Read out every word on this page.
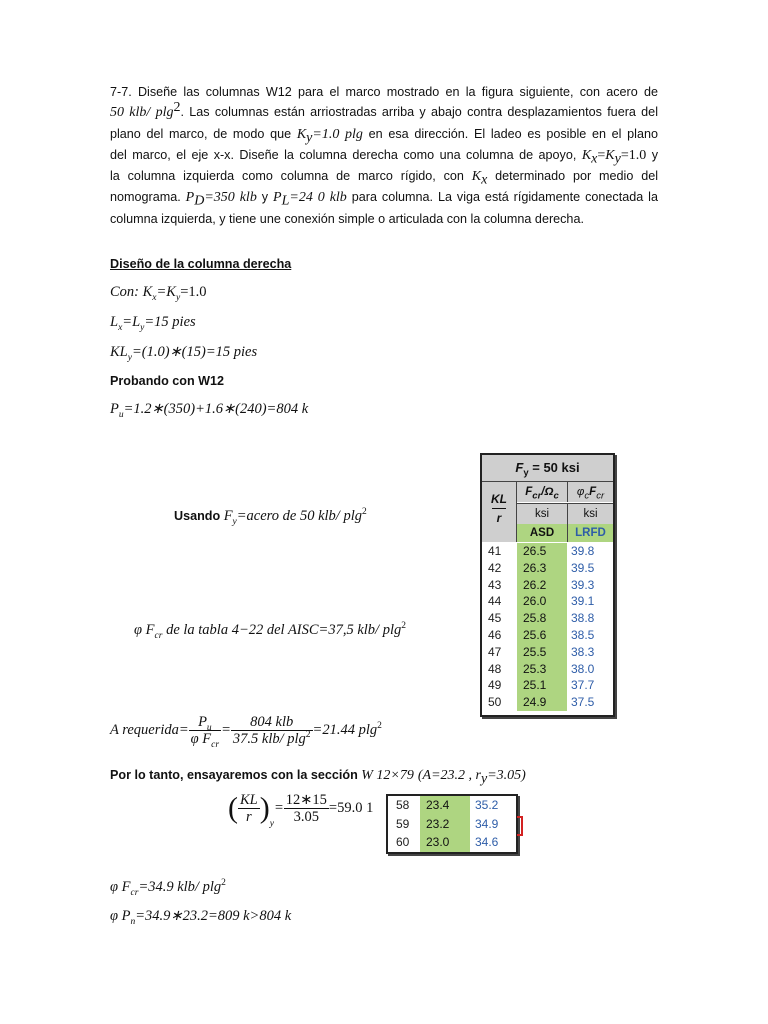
7-7. Diseñe las columnas W12 para el marco mostrado en la figura siguiente, con acero de
50 klb/ plg$^2$. Las columnas están arriostradas arriba y abajo contra desplazamientos fuera del
plano del marco, de modo que $K_y=1.0$ plg en esa dirección. El ladeo es posible en el plano
del marco, el eje x-x. Diseñe la columna derecha como una columna de apoyo, $K_x=K_y=1.0$ y
la columna izquierda como columna de marco rígido, con $K_x$ determinado por medio del
nomograma. $P_D=350$ klb y $P_L=24$ 0 klb para columna. La viga está rígidamente conectada la
columna izquierda, y tiene une conexión simple o articulada con la columna derecha.
Diseño de la columna derecha
Con: $K_x=K_y=1.0$
$L_x=L_y=15$ pies
$KL_y=(1.0)∗(15)=15$ pies
Probando con W12
$P_u=1.2∗(350)+1.6∗(240)=804$ k
Usando $F_y=acero$ de 50 klb/ plg$^2$
φ $F_{cr}$ de la tabla 4−22 del AISC=37,5 klb/ plg$^2$
A requerida= $\frac{P_u}{\varphi F_{cr}} = \frac{\text{804 klb}}{37.5 klb/ plg^2} =21.44$ plg$^2$
Por lo tanto, ensayaremos con la sección W 12×79 (A=23.2 , $r_y=3.05$)
( $\frac{KL}{r} )_y= \frac{12∗15}{3.05} =59.0$ 1
φ $F_{cr}=34.9$ klb/ plg$^2$
φ $P_n=34.9∗23.2=809$ k>804 k
$F_y = 50$ ksi
KL
r
$F_{cr}/\Omega_c$	$\varphi_cF_{cr}$
ksi	ksi
ASD	LRFD
41	26.5	39.8
42	26.3	39.5
43	26.2	39.3
44	26.0	39.1
45	25.8	38.8
46	25.6	38.5
47	25.5	38.3
48	25.3	38.0
49	25.1	37.7
50	24.9	37.5
58	23.4	35.2
59	23.2	34.9
60	23.0	34.6
